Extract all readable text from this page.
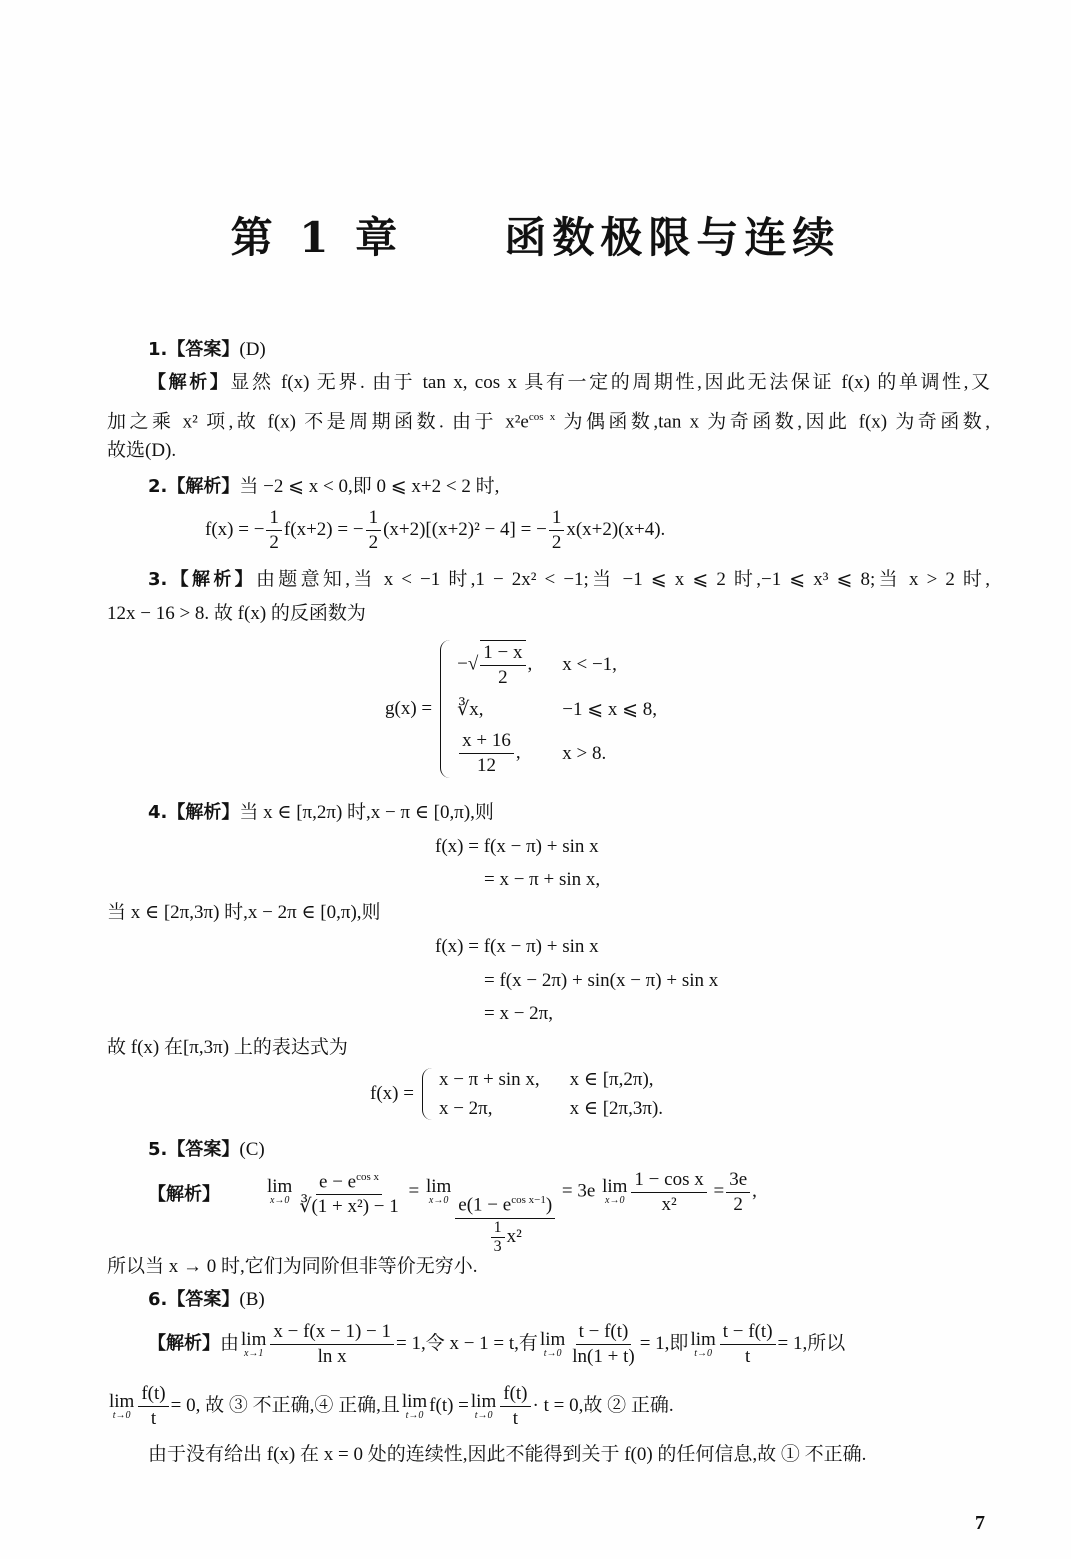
第 1 章 函数极限与连续
1.【答案】(D)
【解析】显然 f(x) 无界. 由于 tan x, cos x 具有一定的周期性,因此无法保证 f(x) 的单调性,又
加之乘 x² 项,故 f(x) 不是周期函数. 由于 $x^2e^{cos x}$ 为偶函数,tan x 为奇函数,因此 f(x) 为奇函数,
故选(D).
2.【解析】当 −2 ⩽ x < 0,即 0 ⩽ x+2 < 2 时,
f(x) = − $\frac{1}{2} f(x+2)$ = − $\frac{1}{2} (x+2)[(x+2)^2 - 4]$ = − $\frac{1}{2} x(x+2)(x+4)$.
3.【解析】由题意知,当 x < −1 时,1 − 2x² < −1;当 −1 ⩽ x ⩽ 2 时,−1 ⩽ x³ ⩽ 8;当 x > 2 时,
12x − 16 > 8. 故 f(x) 的反函数为
g(x) =
−√ $\frac{1 - x}{2}$ , x < −1,
∛x,	−1 ⩽ x ⩽ 8,
$\frac{x + 16}{12}$ ,	x > 8.
4.【解析】当 x ∈ [π,2π) 时,x − π ∈ [0,π),则
f(x) = f(x − π) + sin x
= x − π + sin x,
当 x ∈ [2π,3π) 时,x − 2π ∈ [0,π),则
f(x) = f(x − π) + sin x
= f(x − 2π) + sin(x − π) + sin x
= x − 2π,
故 f(x) 在[π,3π) 上的表达式为
f(x) =
x − π + sin x, x ∈ [π,2π),
x − 2π,	x ∈ [2π,3π).
5.【答案】(C)
【解析】 lim
$x\to 0 \frac{e - e^{cos x}}{\text{∛(1 + x²) − 1}} = \lim$
$x\to 0 \frac{e(1 - e^{cos x-1})}{\frac{1}{3} x^2} = 3e$ lim
$x\to 0 \frac{\text{1 − cos x}}{\text{x²}} = \frac{3e}{2}$ ,
所以当 x → 0 时,它们为同阶但非等价无穷小.
6.【答案】(B)
【解析】由 lim
$x\to 1 \frac{x - f(x - 1) - 1}{\text{ln x}} = 1$,令 x − 1 = t,有 lim
$t\to 0 \frac{t - f(t)}{\ln(1 + t)} = 1$,即 lim
$t\to 0 \frac{t - f(t)}{t} = 1$,所以
lim
$t\to 0 \frac{f(t)}{t} = 0$, 故 ③ 不正确,④ 正确,且 lim
t→0 f(t) = lim
$t\to 0 \frac{f(t)}{t} \cdot t = 0$,故 ② 正确.
由于没有给出 f(x) 在 x = 0 处的连续性,因此不能得到关于 f(0) 的任何信息,故 ① 不正确.
7
